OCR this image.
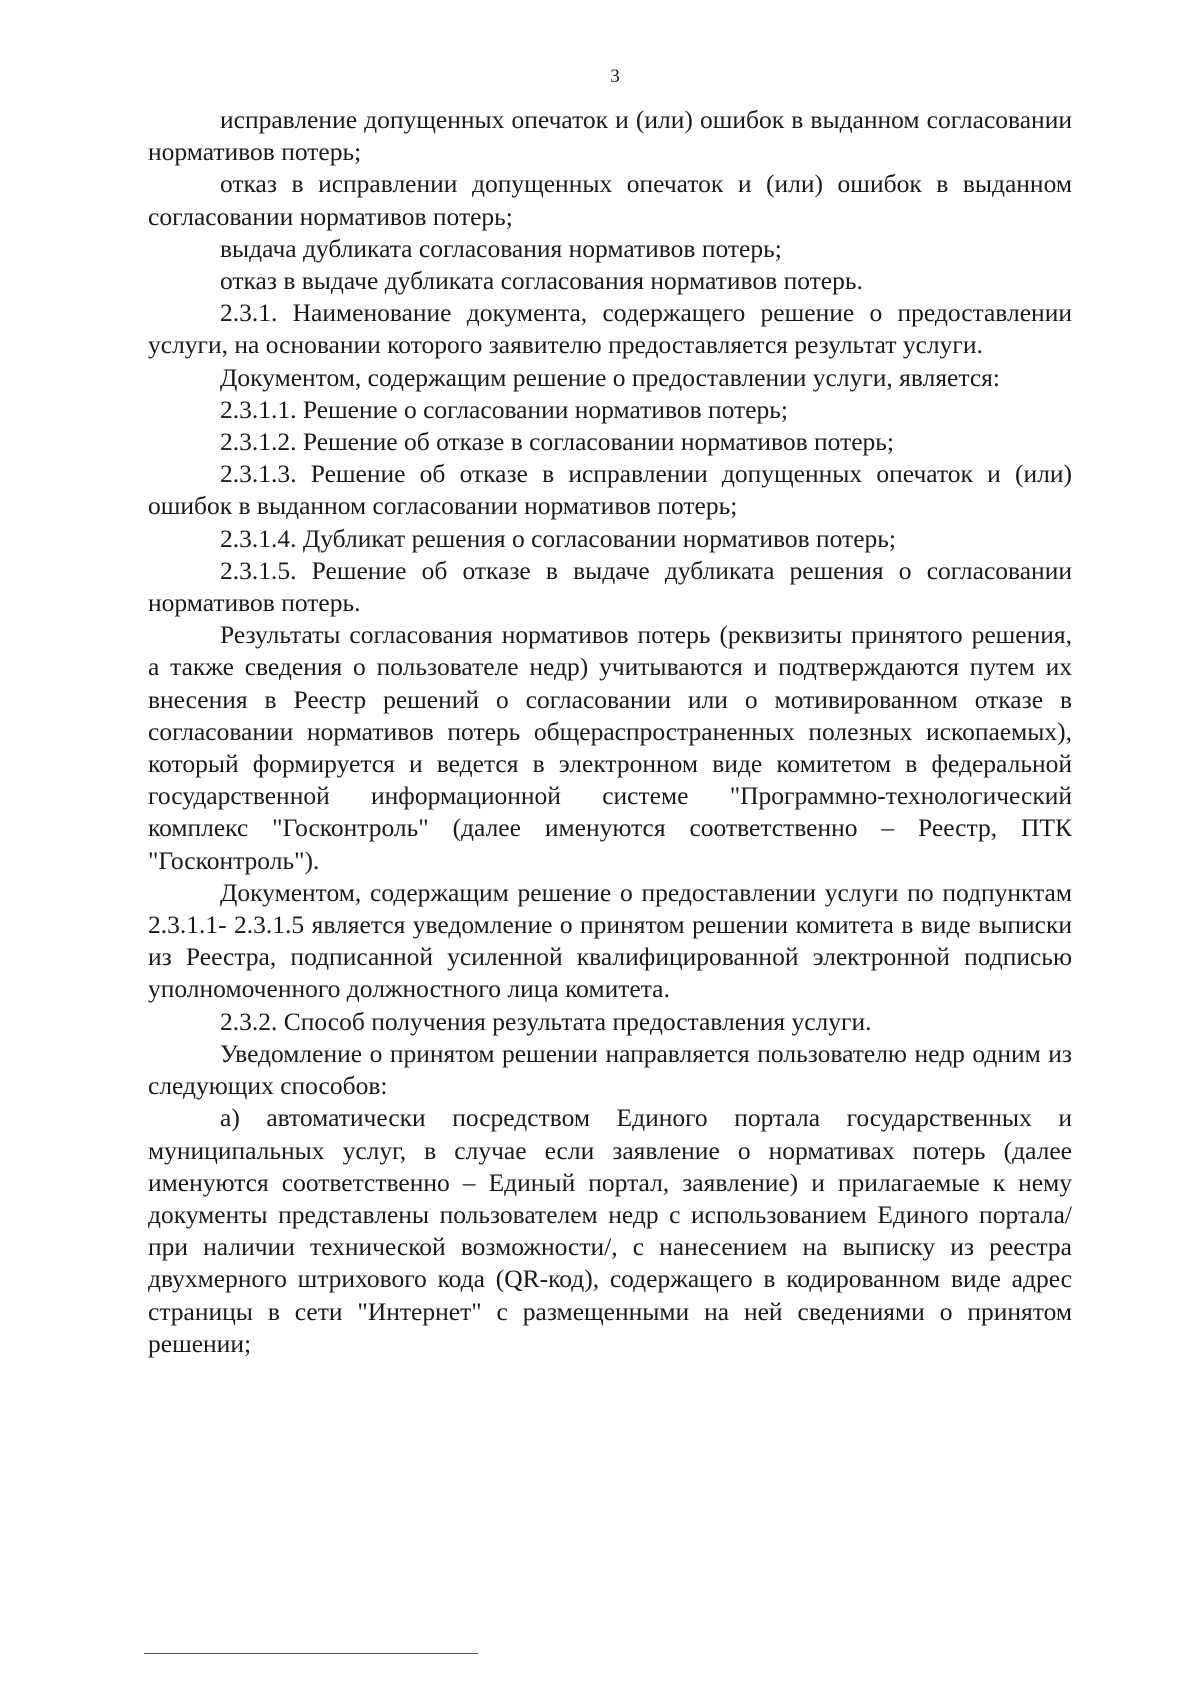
3

исправление допущенных опечаток и (или) ошибок в выданном согласовании нормативов потерь;

отказ в исправлении допущенных опечаток и (или) ошибок в выданном согласовании нормативов потерь;

выдача дубликата согласования нормативов потерь;

отказ в выдаче дубликата согласования нормативов потерь.

2.3.1. Наименование документа, содержащего решение о предоставлении услуги, на основании которого заявителю предоставляется результат услуги.

Документом, содержащим решение о предоставлении услуги, является:

2.3.1.1. Решение о согласовании нормативов потерь;

2.3.1.2. Решение об отказе в согласовании нормативов потерь;

2.3.1.3. Решение об отказе в исправлении допущенных опечаток и (или) ошибок в выданном согласовании нормативов потерь;

2.3.1.4. Дубликат решения о согласовании нормативов потерь;

2.3.1.5. Решение об отказе в выдаче дубликата решения о согласовании нормативов потерь.

Результаты согласования нормативов потерь (реквизиты принятого решения, а также сведения о пользователе недр) учитываются и подтверждаются путем их внесения в Реестр решений о согласовании или о мотивированном отказе в согласовании нормативов потерь общераспространенных полезных ископаемых), который формируется и ведется в электронном виде комитетом в федеральной государственной информационной системе "Программно-технологический комплекс "Госконтроль" (далее именуются соответственно – Реестр, ПТК "Госконтроль").

Документом, содержащим решение о предоставлении услуги по подпунктам 2.3.1.1- 2.3.1.5 является уведомление о принятом решении комитета в виде выписки из Реестра, подписанной усиленной квалифицированной электронной подписью уполномоченного должностного лица комитета.

2.3.2. Способ получения результата предоставления услуги.

Уведомление о принятом решении направляется пользователю недр одним из следующих способов:

а) автоматически посредством Единого портала государственных и муниципальных услуг, в случае если заявление о нормативах потерь (далее именуются соответственно – Единый портал, заявление) и прилагаемые к нему документы представлены пользователем недр с использованием Единого портала/при наличии технической возможности/, с нанесением на выписку из реестра двухмерного штрихового кода (QR-код), содержащего в кодированном виде адрес страницы в сети "Интернет" с размещенными на ней сведениями о принятом решении;
